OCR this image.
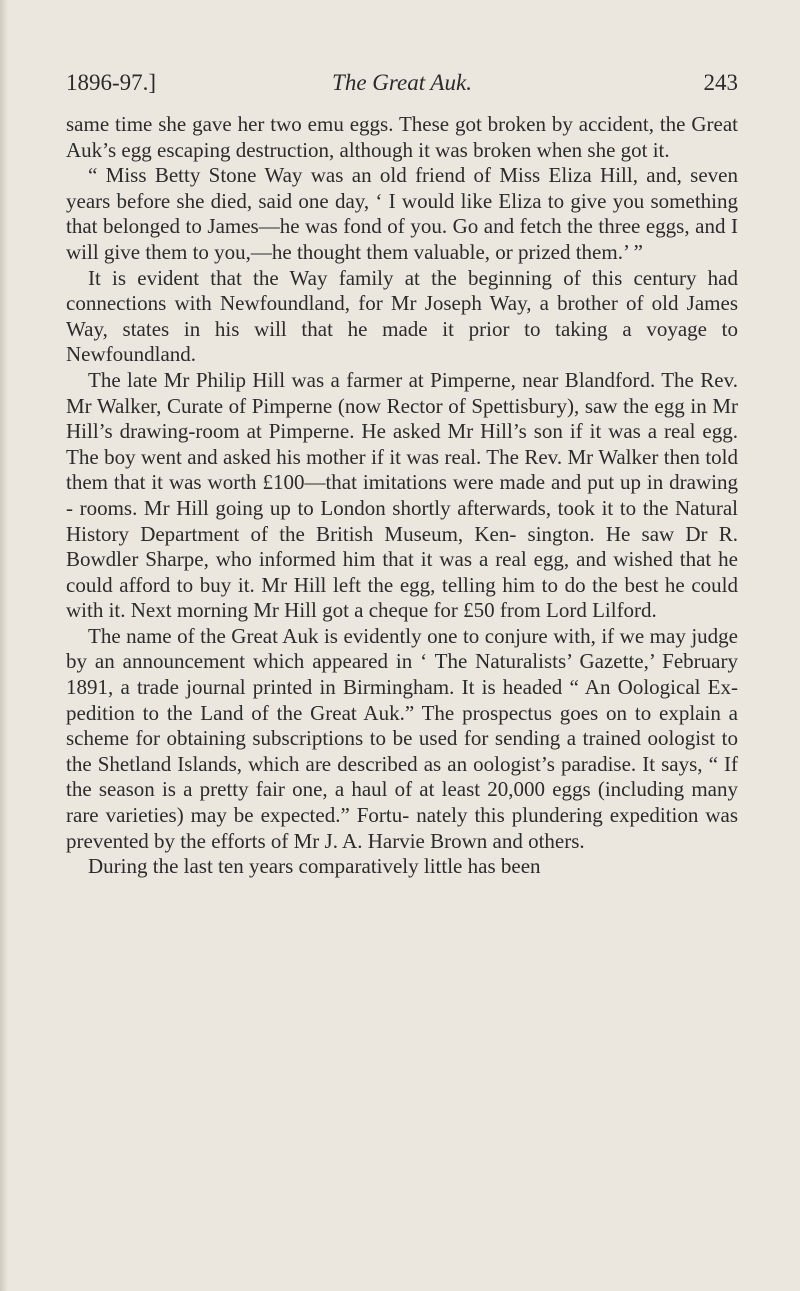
1896-97.]	The Great Auk.	243

same time she gave her two emu eggs. These got broken by accident, the Great Auk’s egg escaping destruction, although it was broken when she got it.

“ Miss Betty Stone Way was an old friend of Miss Eliza Hill, and, seven years before she died, said one day, ‘ I would like Eliza to give you something that belonged to James—he was fond of you. Go and fetch the three eggs, and I will give them to you,—he thought them valuable, or prized them.’ ”

It is evident that the Way family at the beginning of this century had connections with Newfoundland, for Mr Joseph Way, a brother of old James Way, states in his will that he made it prior to taking a voyage to Newfoundland.

The late Mr Philip Hill was a farmer at Pimperne, near Blandford. The Rev. Mr Walker, Curate of Pimperne (now Rector of Spettisbury), saw the egg in Mr Hill’s drawing-room at Pimperne. He asked Mr Hill’s son if it was a real egg. The boy went and asked his mother if it was real. The Rev. Mr Walker then told them that it was worth £100—that imitations were made and put up in drawing - rooms. Mr Hill going up to London shortly afterwards, took it to the Natural History Department of the British Museum, Ken- sington. He saw Dr R. Bowdler Sharpe, who informed him that it was a real egg, and wished that he could afford to buy it. Mr Hill left the egg, telling him to do the best he could with it. Next morning Mr Hill got a cheque for £50 from Lord Lilford.

The name of the Great Auk is evidently one to conjure with, if we may judge by an announcement which appeared in ‘ The Naturalists’ Gazette,’ February 1891, a trade journal printed in Birmingham. It is headed “ An Oological Ex- pedition to the Land of the Great Auk.” The prospectus goes on to explain a scheme for obtaining subscriptions to be used for sending a trained oologist to the Shetland Islands, which are described as an oologist’s paradise. It says, “ If the season is a pretty fair one, a haul of at least 20,000 eggs (including many rare varieties) may be expected.” Fortu- nately this plundering expedition was prevented by the efforts of Mr J. A. Harvie Brown and others.

During the last ten years comparatively little has been
